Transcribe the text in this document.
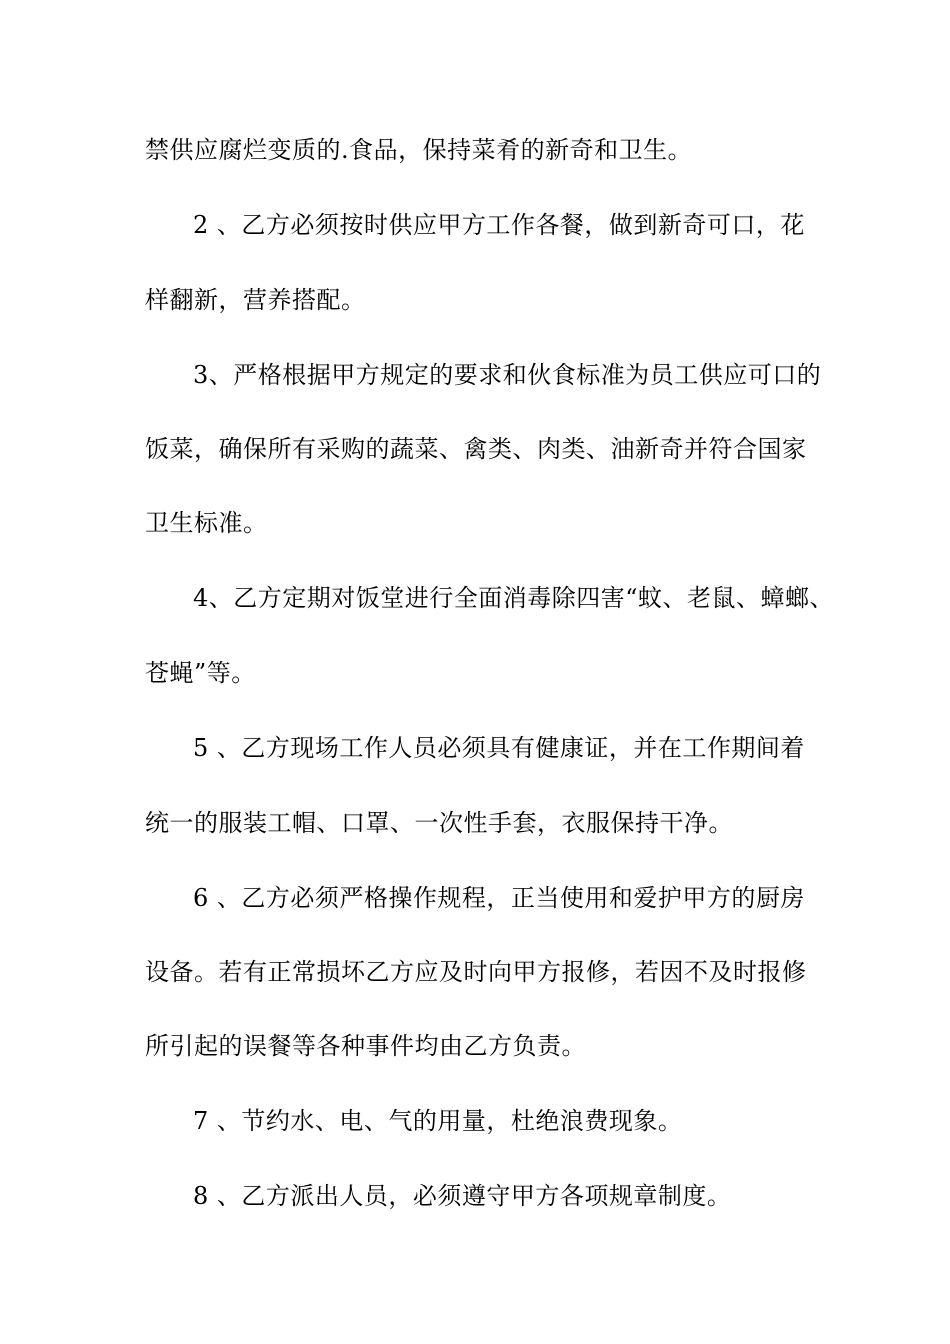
禁供应腐烂变质的.食品，保持菜肴的新奇和卫生。
2 、乙方必须按时供应甲方工作各餐，做到新奇可口，花
样翻新，营养搭配。
3、严格根据甲方规定的要求和伙食标准为员工供应可口的
饭菜，确保所有采购的蔬菜、禽类、肉类、油新奇并符合国家
卫生标准。
4、乙方定期对饭堂进行全面消毒除四害“蚊、老鼠、蟑螂、
苍蝇”等。
5 、乙方现场工作人员必须具有健康证，并在工作期间着
统一的服装工帽、口罩、一次性手套，衣服保持干净。
6 、乙方必须严格操作规程，正当使用和爱护甲方的厨房
设备。若有正常损坏乙方应及时向甲方报修，若因不及时报修
所引起的误餐等各种事件均由乙方负责。
7 、节约水、电、气的用量，杜绝浪费现象。
8 、乙方派出人员，必须遵守甲方各项规章制度。
